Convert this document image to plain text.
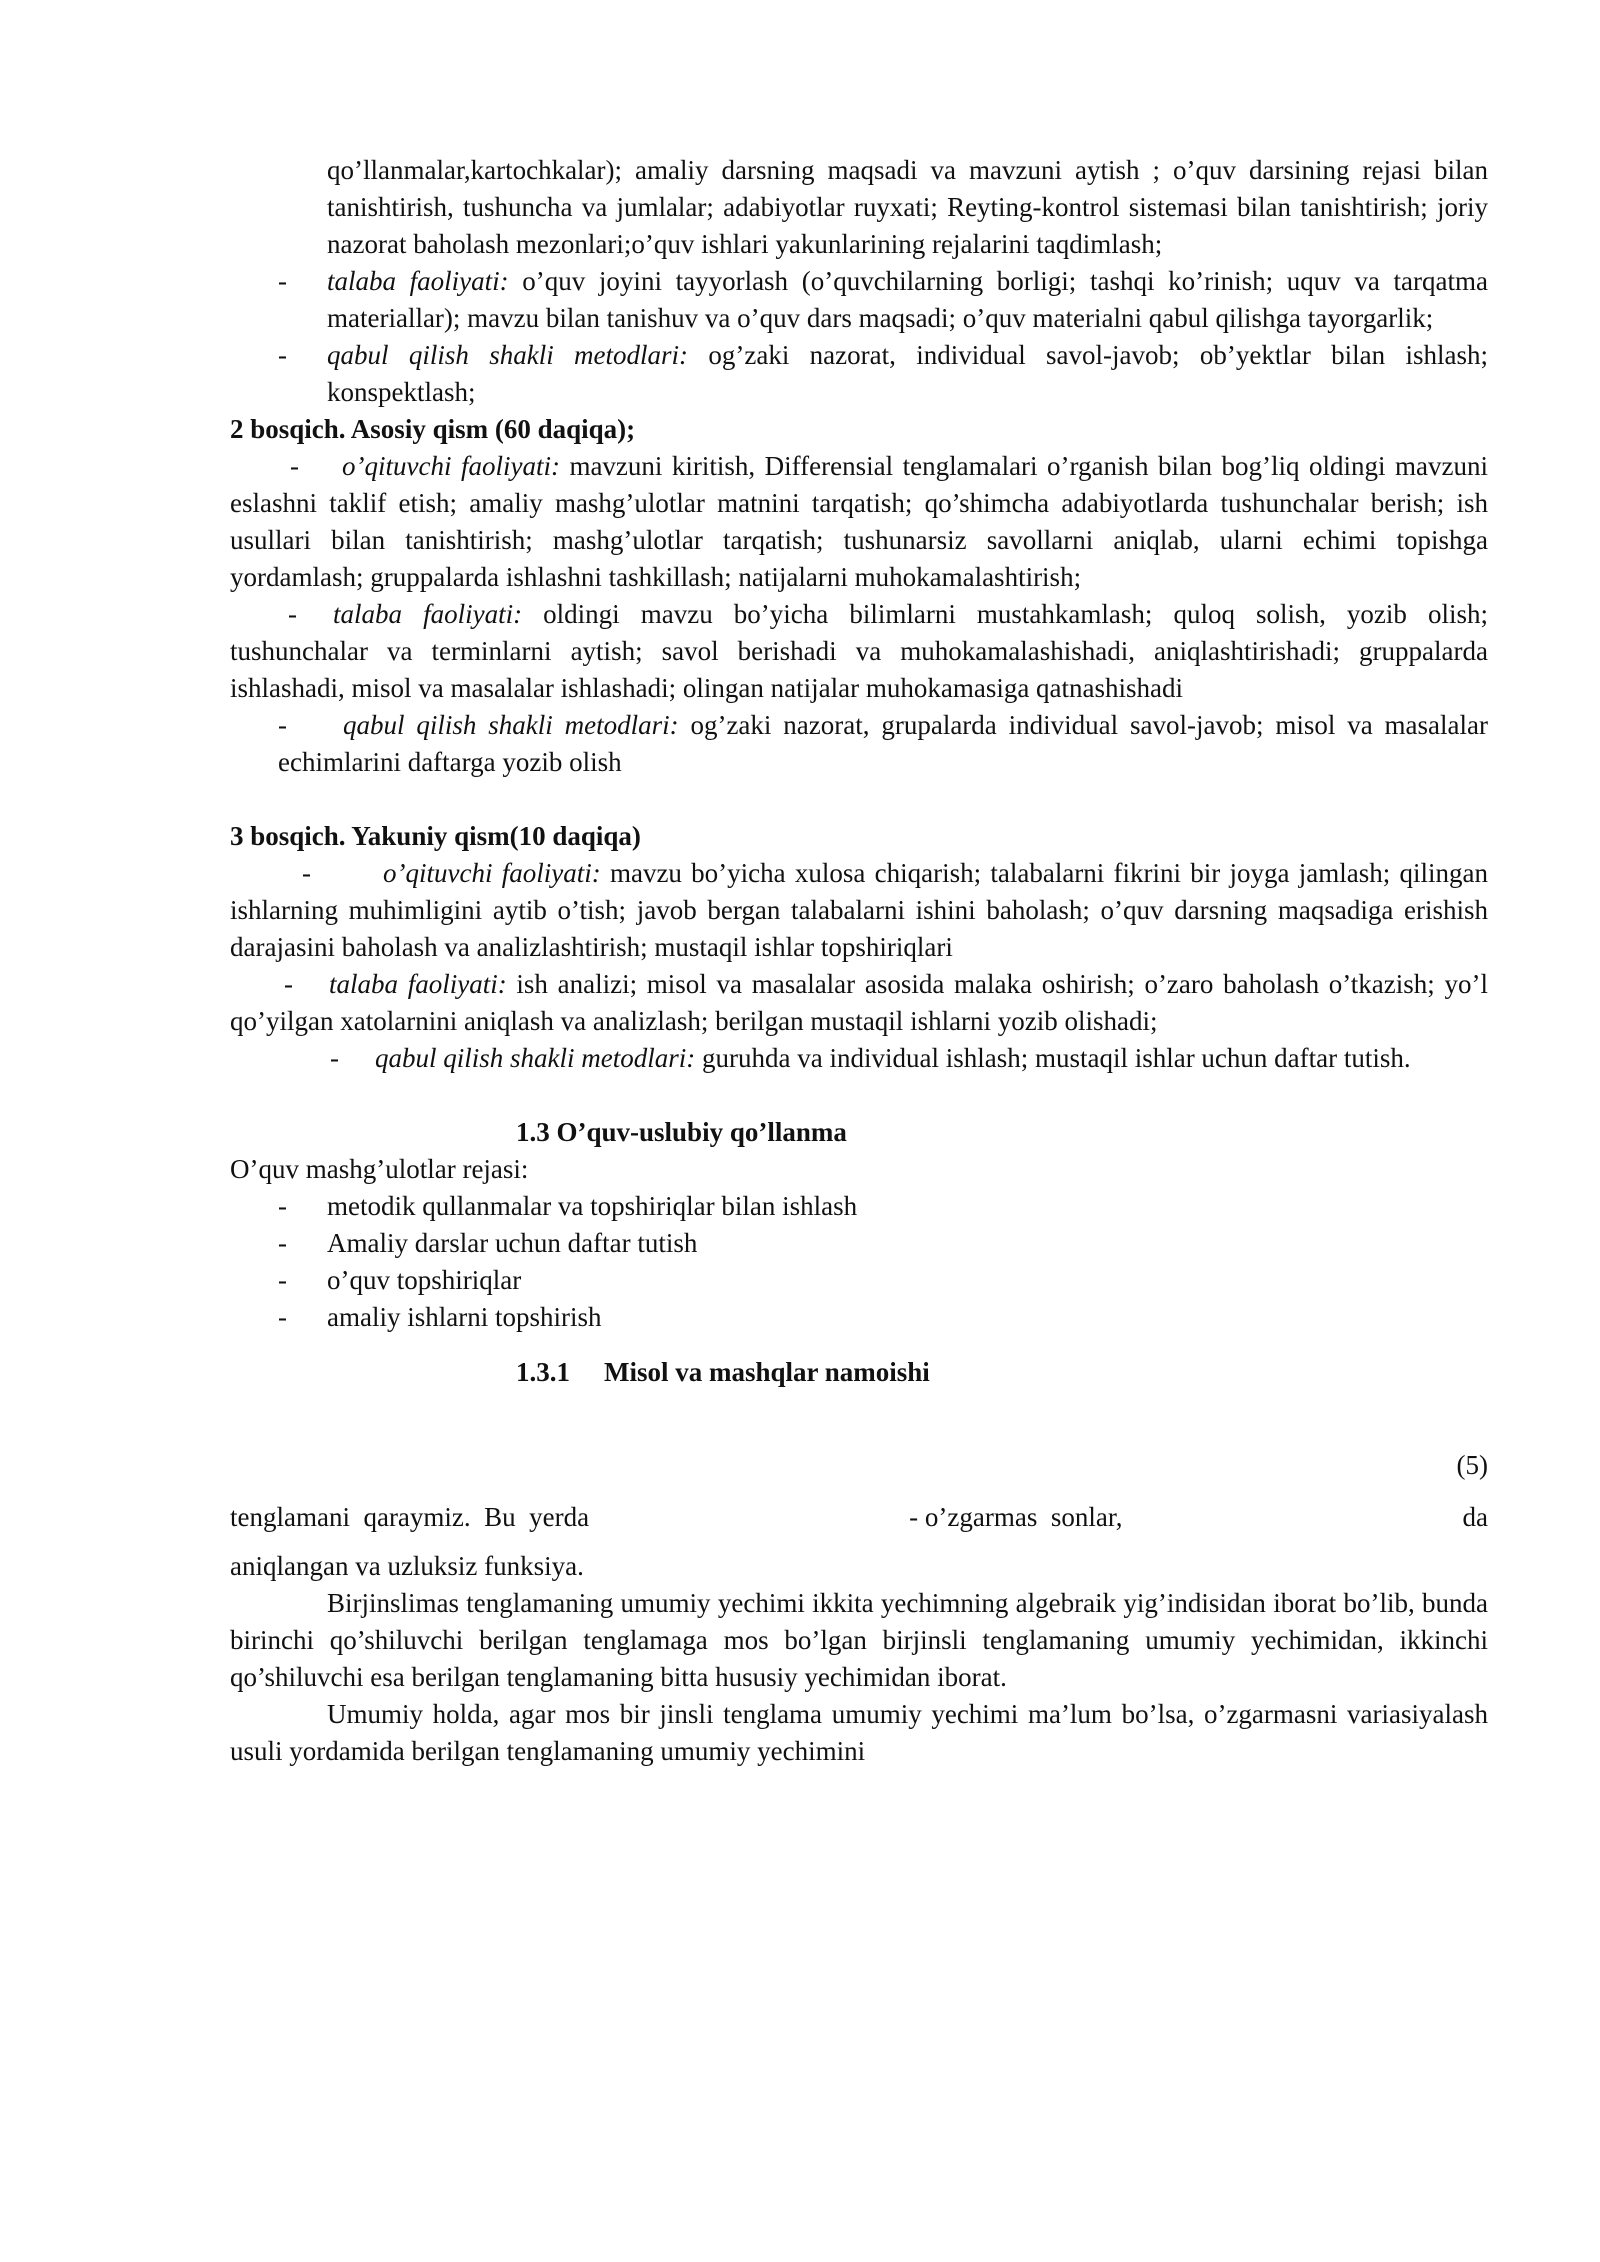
qo’llanmalar,kartochkalar); amaliy darsning maqsadi va mavzuni aytish ; o’quv darsining rejasi bilan tanishtirish, tushuncha va jumlalar; adabiyotlar ruyxati; Reyting-kontrol sistemasi bilan tanishtirish; joriy nazorat baholash mezonlari;o’quv ishlari yakunlarining rejalarini taqdimlash;

- talaba faoliyati: o’quv joyini tayyorlash (o’quvchilarning borligi; tashqi ko’rinish; uquv va tarqatma materiallar); mavzu bilan tanishuv va o’quv dars maqsadi; o’quv materialni qabul qilishga tayorgarlik;

- qabul qilish shakli metodlari: og’zaki nazorat, individual savol-javob; ob’yektlar bilan ishlash; konspektlash;

2 bosqich. Asosiy qism (60 daqiqa);

- o’qituvchi faoliyati: mavzuni kiritish, Differensial tenglamalari o’rganish bilan bog’liq oldingi mavzuni eslashni taklif etish; amaliy mashg’ulotlar matnini tarqatish; qo’shimcha adabiyotlarda tushunchalar berish; ish usullari bilan tanishtirish; mashg’ulotlar tarqatish; tushunarsiz savollarni aniqlab, ularni echimi topishga yordamlash; gruppalarda ishlashni tashkillash; natijalarni muhokamalashtirish;

- talaba faoliyati: oldingi mavzu bo’yicha bilimlarni mustahkamlash; quloq solish, yozib olish; tushunchalar va terminlarni aytish; savol berishadi va muhokamalashishadi, aniqlashtirishadi; gruppalarda ishlashadi, misol va masalalar ishlashadi; olingan natijalar muhokamasiga qatnashishadi

- qabul qilish shakli metodlari: og’zaki nazorat, grupalarda individual savol-javob; misol va masalalar echimlarini daftarga yozib olish

3 bosqich. Yakuniy qism(10 daqiqa)

-	o’qituvchi faoliyati: mavzu bo’yicha xulosa chiqarish; talabalarni fikrini bir joyga jamlash; qilingan ishlarning muhimligini aytib o’tish; javob bergan talabalarni ishini baholash; o’quv darsning maqsadiga erishish darajasini baholash va analizlashtirish; mustaqil ishlar topshiriqlari

- talaba faoliyati: ish analizi; misol va masalalar asosida malaka oshirish; o’zaro baholash o’tkazish; yo’l qo’yilgan xatolarnini aniqlash va analizlash; berilgan mustaqil ishlarni yozib olishadi;

- qabul qilish shakli metodlari: guruhda va individual ishlash; mustaqil ishlar uchun daftar tutish.

1.3 O’quv-uslubiy qo’llanma

O’quv mashg’ulotlar rejasi:

- metodik qullanmalar va topshiriqlar bilan ishlash
- Amaliy darslar uchun daftar tutish
- o’quv topshiriqlar
- amaliy ishlarni topshirish

1.3.1 Misol va mashqlar namoishi

(5)

tenglamani  qaraymiz.  Bu  yerda	- o’zgarmas  sonlar,	da

aniqlangan va uzluksiz funksiya.

Birjinslimas tenglamaning umumiy yechimi ikkita yechimning algebraik yig’indisidan iborat bo’lib, bunda birinchi qo’shiluvchi berilgan tenglamaga mos bo’lgan birjinsli tenglamaning umumiy yechimidan, ikkinchi qo’shiluvchi esa berilgan tenglamaning bitta hususiy yechimidan iborat.

Umumiy holda, agar mos bir jinsli tenglama umumiy yechimi ma’lum bo’lsa, o’zgarmasni variasiyalash usuli yordamida berilgan tenglamaning umumiy yechimini
